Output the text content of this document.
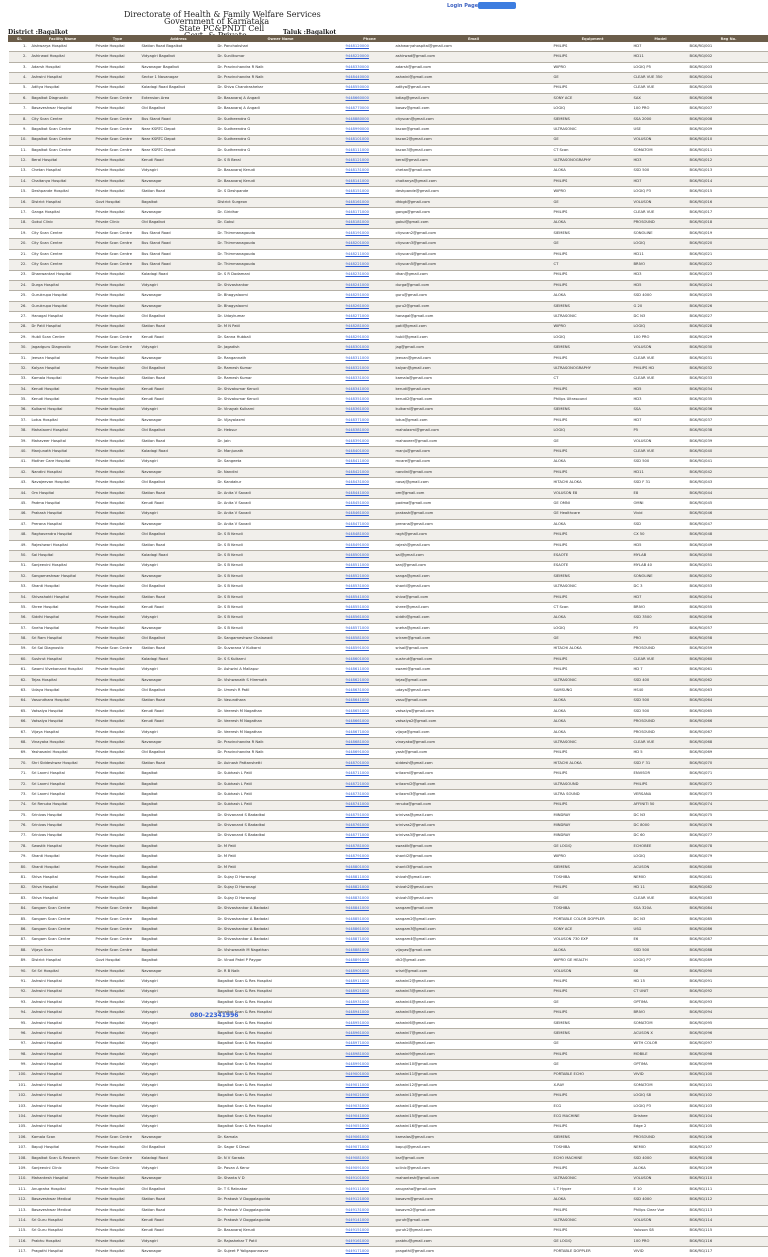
Login Page
Directorate of Health & Family Welfare Services
Government of Karnataka
State PC&PNDT Cell
District :Bagalkot	Taluk :Bagalkot
Sl.	Facility Name	Type	Address	Owner Name	Phone	Email	Equipment	Model	Reg No.
1.	Aishwarya Hospital	Private Hospital	Station Road Bagalkot	Dr. Panchakshari	9448120000	aishwaryahospital@gmail.com	PHILIPS	HD7	BGK/RG/001
2.	Ashirwad Hospital	Private Hospital	Vidyagiri Bagalkot	Dr. Sunilkumar	9448220000	ashirwad@gmail.com	PHILIPS	HD11	BGK/RG/002
3.	Adarsh Hospital	Private Hospital	Navanagar Bagalkot	Dr. Pravinchandra R Naik	9448330000	adarsh@gmail.com	WIPRO	LOGIQ P5	BGK/RG/003
4.	Ashwini Hospital	Private Hospital	Sector 1 Navanagar	Dr. Pravinchandra R Naik	9448440000	ashwini@gmail.com	GE	CLEAR VUE 350	BGK/RG/004
5.	Aditya Hospital	Private Hospital	Kaladagi Road Bagalkot	Dr. Shiva Chandrashekar	9448550000	aditya@gmail.com	PHILIPS	CLEAR VUE	BGK/RG/005
6.	Bagalkot Diagnostic	Private Scan Centre	Extension Area	Dr. Basavaraj A Angadi	9448660000	bdiag@gmail.com	SONY ACE	SAX	BGK/RG/006
7.	Basaveshwar Hospital	Private Hospital	Old Bagalkot	Dr. Basavaraj A Angadi	9448770000	basav@gmail.com	LOGIQ	100 PRO	BGK/RG/007
8.	City Scan Centre	Private Scan Centre	Bus Stand Road	Dr. Sudheendra G	9448880000	cityscan@gmail.com	SIEMENS	SSA 2000	BGK/RG/008
9.	Bagalkot Scan Centre	Private Scan Centre	Near KSRTC Depot	Dr. Sudheendra G	9448990000	bscan@gmail.com	ULTRASONIC	USE	BGK/RG/009
10.	Bagalkot Scan Centre	Private Scan Centre	Near KSRTC Depot	Dr. Sudheendra G	9448101000	bscan2@gmail.com	GE	VOLUSON	BGK/RG/010
11.	Bagalkot Scan Centre	Private Scan Centre	Near KSRTC Depot	Dr. Sudheendra G	9448111000	bscan3@gmail.com	CT Scan	SOMATOM	BGK/RG/011
12.	Beral Hospital	Private Hospital	Kerudi Road	Dr. S B Beral	9448121000	beral@gmail.com	ULTRASONOGRAPHY	HD3	BGK/RG/012
13.	Chetan Hospital	Private Hospital	Vidyagiri	Dr. Basavaraj Kerudi	9448131000	chetan@gmail.com	ALOKA	SSD 500	BGK/RG/013
14.	Chaitanya Hospital	Private Hospital	Navanagar	Dr. Basavaraj Kerudi	9448141000	chaitanya@gmail.com	PHILIPS	HD7	BGK/RG/014
15.	Deshpande Hospital	Private Hospital	Station Road	Dr. S Deshpande	9448151000	deshpande@gmail.com	WIPRO	LOGIQ P3	BGK/RG/015
16.	District Hospital	Govt Hospital	Bagalkot	District Surgeon	9448161000	dhbgk@gmail.com	GE	VOLUSON	BGK/RG/016
17.	Ganga Hospital	Private Hospital	Navanagar	Dr. Giridhar	9448171000	ganga@gmail.com	PHILIPS	CLEAR VUE	BGK/RG/017
18.	Gokul Clinic	Private Clinic	Old Bagalkot	Dr. Gokul	9448181000	gokul@gmail.com	ALOKA	PROSOUND	BGK/RG/018
19.	City Scan Centre	Private Scan Centre	Bus Stand Road	Dr. Thimmanagouda	9448191000	cityscan2@gmail.com	SIEMENS	SONOLINE	BGK/RG/019
20.	City Scan Centre	Private Scan Centre	Bus Stand Road	Dr. Thimmanagouda	9448201000	cityscan3@gmail.com	GE	LOGIQ	BGK/RG/020
21.	City Scan Centre	Private Scan Centre	Bus Stand Road	Dr. Thimmanagouda	9448211000	cityscan4@gmail.com	PHILIPS	HD11	BGK/RG/021
22.	City Scan Centre	Private Scan Centre	Bus Stand Road	Dr. Thimmanagouda	9448221000	cityscan5@gmail.com	CT	BRIVO	BGK/RG/022
23.	Dhanwantari Hospital	Private Hospital	Kaladagi Road	Dr. S R Dodamani	9448231000	dhan@gmail.com	PHILIPS	HD3	BGK/RG/023
24.	Durga Hospital	Private Hospital	Vidyagiri	Dr. Shivashankar	9448241000	durga@gmail.com	PHILIPS	HD5	BGK/RG/024
25.	Gurukrupa Hospital	Private Hospital	Navanagar	Dr. Bhagyalaxmi	9448251000	guru@gmail.com	ALOKA	SSD 4000	BGK/RG/025
26.	Gurukrupa Hospital	Private Hospital	Navanagar	Dr. Bhagyalaxmi	9448261000	guru2@gmail.com	SIEMENS	G 20	BGK/RG/026
27.	Hanagal Hospital	Private Hospital	Old Bagalkot	Dr. Udaykumar	9448271000	hanagal@gmail.com	ULTRASONIC	DC N3	BGK/RG/027
28.	Dr Patil Hospital	Private Hospital	Station Road	Dr. M N Patil	9448281000	patil@gmail.com	WIPRO	LOGIQ	BGK/RG/028
29.	Hubli Scan Centre	Private Scan Centre	Kerudi Road	Dr. Sanna Hubbali	9448291000	hubli@gmail.com	LOGIQ	100 PRO	BGK/RG/029
30.	Jagadguru Diagnostic	Private Scan Centre	Vidyagiri	Dr. Jagadish	9448301000	jag@gmail.com	SIEMENS	VOLUSON	BGK/RG/030
31.	Jeevan Hospital	Private Hospital	Navanagar	Dr. Rangannath	9448311000	jeevan@gmail.com	PHILIPS	CLEAR VUE	BGK/RG/031
32.	Kalyan Hospital	Private Hospital	Old Bagalkot	Dr. Ramesh Kumar	9448321000	kalyan@gmail.com	ULTRASONOGRAPHY	PHILIPS HD	BGK/RG/032
33.	Kamala Hospital	Private Hospital	Station Road	Dr. Ramesh Kumar	9448331000	kamala@gmail.com	CT	CLEAR VUE	BGK/RG/033
34.	Kerudi Hospital	Private Hospital	Kerudi Road	Dr. Shivakumar Kerudi	9448341000	kerudi@gmail.com	PHILIPS	HD5	BGK/RG/034
35.	Kerudi Hospital	Private Hospital	Kerudi Road	Dr. Shivakumar Kerudi	9448351000	kerudi2@gmail.com	Philips Ultrasound	HD3	BGK/RG/035
36.	Kulkarni Hospital	Private Hospital	Vidyagiri	Dr. Vinayak Kulkarni	9448361000	kulkarni@gmail.com	SIEMENS	SSA	BGK/RG/036
37.	Lotus Hospital	Private Hospital	Navanagar	Dr. Vijayalaxmi	9448371000	lotus@gmail.com	PHILIPS	HD7	BGK/RG/037
38.	Mahalaxmi Hospital	Private Hospital	Old Bagalkot	Dr. Hebsur	9448381000	mahalaxmi@gmail.com	LOGIQ	P5	BGK/RG/038
39.	Mahaveer Hospital	Private Hospital	Station Road	Dr. Jain	9448391000	mahaveer@gmail.com	GE	VOLUSON	BGK/RG/039
40.	Manjunath Hospital	Private Hospital	Kaladagi Road	Dr. Manjunath	9448401000	manju@gmail.com	PHILIPS	CLEAR VUE	BGK/RG/040
41.	Mother Care Hospital	Private Hospital	Vidyagiri	Dr. Sangeeta	9448411000	mcare@gmail.com	ALOKA	SSD 500	BGK/RG/041
42.	Nandini Hospital	Private Hospital	Navanagar	Dr. Nandini	9448421000	nandini@gmail.com	PHILIPS	HD11	BGK/RG/042
43.	Navajeevan Hospital	Private Hospital	Old Bagalkot	Dr. Kandakur	9448431000	navaj@gmail.com	HITACHI ALOKA	SSD F 31	BGK/RG/043
44.	Om Hospital	Private Hospital	Station Road	Dr. Anita V Savadi	9448441000	om@gmail.com	VOLUSON E8	E8	BGK/RG/044
45.	Padma Hospital	Private Hospital	Kerudi Road	Dr. Anita V Savadi	9448451000	padma@gmail.com	GE OMNI	OMNI	BGK/RG/045
46.	Prakash Hospital	Private Hospital	Vidyagiri	Dr. Anita V Savadi	9448461000	prakash@gmail.com	GE Healthcare	Vivid	BGK/RG/046
47.	Prerana Hospital	Private Hospital	Navanagar	Dr. Anita V Savadi	9448471000	prerana@gmail.com	ALOKA	SSD	BGK/RG/047
48.	Raghavendra Hospital	Private Hospital	Old Bagalkot	Dr. S B Kerudi	9448481000	ragh@gmail.com	PHILIPS	CX 50	BGK/RG/048
49.	Rajeshwari Hospital	Private Hospital	Station Road	Dr. S B Kerudi	9448491000	rajesh@gmail.com	PHILIPS	HD5	BGK/RG/049
50.	Sai Hospital	Private Hospital	Kaladagi Road	Dr. S B Kerudi	9448501000	sai@gmail.com	ESAOTE	MYLAB	BGK/RG/050
51.	Sanjeevini Hospital	Private Hospital	Vidyagiri	Dr. S B Kerudi	9448511000	sanj@gmail.com	ESAOTE	MYLAB 40	BGK/RG/051
52.	Sangameshwar Hospital	Private Hospital	Navanagar	Dr. S B Kerudi	9448521000	sanga@gmail.com	SIEMENS	SONOLINE	BGK/RG/052
53.	Shanti Hospital	Private Hospital	Old Bagalkot	Dr. S B Kerudi	9448531000	shanti@gmail.com	ULTRASONIC	DC 3	BGK/RG/053
54.	Shivashakti Hospital	Private Hospital	Station Road	Dr. S B Kerudi	9448541000	shiva@gmail.com	PHILIPS	HD7	BGK/RG/054
55.	Shree Hospital	Private Hospital	Kerudi Road	Dr. S B Kerudi	9448551000	shree@gmail.com	CT Scan	BRIVO	BGK/RG/055
56.	Siddhi Hospital	Private Hospital	Vidyagiri	Dr. S B Kerudi	9448561000	siddhi@gmail.com	ALOKA	SSD 3500	BGK/RG/056
57.	Sneha Hospital	Private Hospital	Navanagar	Dr. S B Kerudi	9448571000	sneha@gmail.com	LOGIQ	P3	BGK/RG/057
58.	Sri Ram Hospital	Private Hospital	Old Bagalkot	Dr. Sangameshwar Chalawadi	9448581000	sriram@gmail.com	GE	PRO	BGK/RG/058
59.	Sri Sai Diagnostic	Private Scan Centre	Station Road	Dr. Suvarana V Kulkarni	9448591000	srisai@gmail.com	HITACHI ALOKA	PROSOUND	BGK/RG/059
60.	Sushrut Hospital	Private Hospital	Kaladagi Road	Dr. S S Kulkarni	9448601000	sushrut@gmail.com	PHILIPS	CLEAR VUE	BGK/RG/060
61.	Swami Vivekanand Hospital	Private Hospital	Vidyagiri	Dr. Ashwini A Mallapur	9448611000	swami@gmail.com	PHILIPS	HD 7	BGK/RG/061
62.	Tejas Hospital	Private Hospital	Navanagar	Dr. Vishwanath S Hiremath	9448621000	tejas@gmail.com	ULTRASONIC	SSD 400	BGK/RG/062
63.	Udaya Hospital	Private Hospital	Old Bagalkot	Dr. Umesh R Patil	9448631000	udaya@gmail.com	SAMSUNG	HS40	BGK/RG/063
64.	Vasundhara Hospital	Private Hospital	Station Road	Dr. Vasundhara	9448641000	vasu@gmail.com	ALOKA	SSD 500	BGK/RG/064
65.	Vatsalya Hospital	Private Hospital	Kerudi Road	Dr. Veeresh M Nagathan	9448651000	vatsalya@gmail.com	ALOKA	SSD 500	BGK/RG/065
66.	Vatsalya Hospital	Private Hospital	Kerudi Road	Dr. Veeresh M Nagathan	9448661000	vatsalya2@gmail.com	ALOKA	PROSOUND	BGK/RG/066
67.	Vijaya Hospital	Private Hospital	Vidyagiri	Dr. Veeresh M Nagathan	9448671000	vijaya@gmail.com	ALOKA	PROSOUND	BGK/RG/067
68.	Vinayaka Hospital	Private Hospital	Navanagar	Dr. Pravinchandra R Naik	9448681000	vinayaka@gmail.com	ULTRASONIC	CLEAR VUE	BGK/RG/068
69.	Yashaswini Hospital	Private Hospital	Old Bagalkot	Dr. Pravinchandra R Naik	9448691000	yash@gmail.com	PHILIPS	HD 5	BGK/RG/069
70.	Shri Siddeshwar Hospital	Private Hospital	Station Road	Dr. Avinash Pattanshetti	9448701000	siddesh@gmail.com	HITACHI ALOKA	SSD F 31	BGK/RG/070
71.	Sri Laxmi Hospital	Private Hospital	Bagalkot	Dr. Subhash L Patil	9448711000	srilaxmi@gmail.com	PHILIPS	ENVISOR	BGK/RG/071
72.	Sri Laxmi Hospital	Private Hospital	Bagalkot	Dr. Subhash L Patil	9448721000	srilaxmi2@gmail.com	ULTRASOUND	PHILIPS	BGK/RG/072
73.	Sri Laxmi Hospital	Private Hospital	Bagalkot	Dr. Subhash L Patil	9448731000	srilaxmi3@gmail.com	ULTRA SOUND	VERSANA	BGK/RG/073
74.	Sri Renuka Hospital	Private Hospital	Bagalkot	Dr. Subhash L Patil	9448741000	renuka@gmail.com	PHILIPS	AFFINITI 50	BGK/RG/074
75.	Srinivas Hospital	Private Hospital	Bagalkot	Dr. Shivanand S Badadkal	9448751000	srinivas@gmail.com	MINDRAY	DC N3	BGK/RG/075
76.	Srinivas Hospital	Private Hospital	Bagalkot	Dr. Shivanand S Badadkal	9448761000	srinivas2@gmail.com	MINDRAY	DC 8000	BGK/RG/076
77.	Srinivas Hospital	Private Hospital	Bagalkot	Dr. Shivanand S Badadkal	9448771000	srinivas3@gmail.com	MINDRAY	DC 60	BGK/RG/077
78.	Swastik Hospital	Private Hospital	Bagalkot	Dr. M Patil	9448781000	swastik@gmail.com	GE LOGIQ	ECHOBEE	BGK/RG/078
79.	Shanti Hospital	Private Hospital	Bagalkot	Dr. M Patil	9448791000	shanti2@gmail.com	WIPRO	LOGIQ	BGK/RG/079
80.	Shanti Hospital	Private Hospital	Bagalkot	Dr. M Patil	9448801000	shanti3@gmail.com	SIEMENS	ACUSON	BGK/RG/080
81.	Shiva Hospital	Private Hospital	Bagalkot	Dr. Sujay D Horanagi	9448811000	shivah@gmail.com	TOSHIBA	NEMIO	BGK/RG/081
82.	Shiva Hospital	Private Hospital	Bagalkot	Dr. Sujay D Horanagi	9448821000	shivah2@gmail.com	PHILIPS	HD 11	BGK/RG/082
83.	Shiva Hospital	Private Hospital	Bagalkot	Dr. Sujay D Horanagi	9448831000	shivah3@gmail.com	GE	CLEAR VUE	BGK/RG/083
84.	Sangam Scan Centre	Private Scan Centre	Bagalkot	Dr. Shivashankar A Badadal	9448841000	sangam@gmail.com	TOSHIBA	SSA 320A	BGK/RG/084
85.	Sangam Scan Centre	Private Scan Centre	Bagalkot	Dr. Shivashankar A Badadal	9448851000	sangam2@gmail.com	PORTABLE COLOR DOPPLER	DC N3	BGK/RG/085
86.	Sangam Scan Centre	Private Scan Centre	Bagalkot	Dr. Shivashankar A Badadal	9448861000	sangam3@gmail.com	SONY ACE	USG	BGK/RG/086
87.	Sangam Scan Centre	Private Scan Centre	Bagalkot	Dr. Shivashankar A Badadal	9448871000	sangam4@gmail.com	VOLUSON 730 EXP	E6	BGK/RG/087
88.	Vijaya Scan	Private Scan Centre	Bagalkot	Dr. Vishwanath M Nagathan	9448881000	vijayas@gmail.com	ALOKA	SSD 500	BGK/RG/088
89.	District Hospital	Govt Hospital	Bagalkot	Dr. Vinod Patel P Paygar	9448891000	dh2@gmail.com	WIPRO GE HEALTH	LOGIQ P7	BGK/RG/089
90.	Sri Sri Hospital	Private Hospital	Navanagar	Dr. R B Naik	9448901000	srisri@gmail.com	VOLUSON	S6	BGK/RG/090
91.	Ashwini Hospital	Private Hospital	Vidyagiri	Bagalkot Scan & Res Hospital	9448911000	ashwini2@gmail.com	PHILIPS	HD 15	BGK/RG/091
92.	Ashwini Hospital	Private Hospital	Vidyagiri	Bagalkot Scan & Res Hospital	9448921000	ashwini3@gmail.com	PHILIPS	CT UNIT	BGK/RG/092
93.	Ashwini Hospital	Private Hospital	Vidyagiri	Bagalkot Scan & Res Hospital	9448931000	ashwini4@gmail.com	GE	OPTIMA	BGK/RG/093
94.	Ashwini Hospital	Private Hospital	Vidyagiri	Bagalkot Scan & Res Hospital	9448941000	ashwini5@gmail.com	PHILIPS	BRIVO	BGK/RG/094
95.	Ashwini Hospital	Private Hospital	Vidyagiri	Bagalkot Scan & Res Hospital	9448951000	ashwini6@gmail.com	SIEMENS	SOMATOM	BGK/RG/095
96.	Ashwini Hospital	Private Hospital	Vidyagiri	Bagalkot Scan & Res Hospital	9448961000	ashwini7@gmail.com	SIEMENS	ACUSON X	BGK/RG/096
97.	Ashwini Hospital	Private Hospital	Vidyagiri	Bagalkot Scan & Res Hospital	9448971000	ashwini8@gmail.com	GE	WITH COLOR	BGK/RG/097
98.	Ashwini Hospital	Private Hospital	Vidyagiri	Bagalkot Scan & Res Hospital	9448981000	ashwini9@gmail.com	PHILIPS	MOBILE	BGK/RG/098
99.	Ashwini Hospital	Private Hospital	Vidyagiri	Bagalkot Scan & Res Hospital	9448991000	ashwini10@gmail.com	GE	OPTIMA	BGK/RG/099
100.	Ashwini Hospital	Private Hospital	Vidyagiri	Bagalkot Scan & Res Hospital	9449001000	ashwini11@gmail.com	PORTABLE ECHO	VIVID	BGK/RG/100
101.	Ashwini Hospital	Private Hospital	Vidyagiri	Bagalkot Scan & Res Hospital	9449011000	ashwini12@gmail.com	X-RAY	SOMATOM	BGK/RG/101
102.	Ashwini Hospital	Private Hospital	Vidyagiri	Bagalkot Scan & Res Hospital	9449021000	ashwini13@gmail.com	PHILIPS	LOGIQ S8	BGK/RG/102
103.	Ashwini Hospital	Private Hospital	Vidyagiri	Bagalkot Scan & Res Hospital	9449031000	ashwini14@gmail.com	ECG	LOGIQ P3	BGK/RG/103
104.	Ashwini Hospital	Private Hospital	Vidyagiri	Bagalkot Scan & Res Hospital	9449041000	ashwini15@gmail.com	ECG MACHINE	Drishee	BGK/RG/104
105.	Ashwini Hospital	Private Hospital	Vidyagiri	Bagalkot Scan & Res Hospital	9449051000	ashwini16@gmail.com	PHILIPS	Edge 2	BGK/RG/105
106.	Kamala Scan	Private Scan Centre	Navanagar	Dr. Kamala	9449061000	kamalas@gmail.com	SIEMENS	PROSOUND	BGK/RG/106
107.	Bapuji Hospital	Private Hospital	Old Bagalkot	Dr. Sagar S Desai	9449071000	bapuji@gmail.com	TOSHIBA	NEMIO	BGK/RG/107
108.	Bagalkot Scan & Research	Private Scan Centre	Kaladagi Road	Dr. N V Sarada	9449081000	bsr@gmail.com	ECHO MACHINE	SSD 4000	BGK/RG/108
109.	Sanjeevini Clinic	Private Clinic	Vidyagiri	Dr. Pavan A Kerur	9449091000	sclinic@gmail.com	PHILIPS	ALOKA	BGK/RG/109
110.	Mahantesh Hospital	Private Hospital	Navanagar	Dr. Shanta V D	9449101000	mahantesh@gmail.com	ULTRASONIC	VOLUSON	BGK/RG/110
111.	Anugraha Hospital	Private Hospital	Old Bagalkot	Dr. T S Ratnakar	9449111000	anugraha@gmail.com	L T Hyper	E 10	BGK/RG/111
112.	Basaveshwar Medical	Private Hospital	Station Road	Dr. Prakash V Doggalagudda	9449121000	basavm@gmail.com	ALOKA	SSD 4000	BGK/RG/112
113.	Basaveshwar Medical	Private Hospital	Station Road	Dr. Prakash V Doggalagudda	9449131000	basavm2@gmail.com	PHILIPS	Philips Clear Vue	BGK/RG/113
114.	Sri Guru Hospital	Private Hospital	Kerudi Road	Dr. Prakash V Doggalagudda	9449141000	guruh@gmail.com	ULTRASONIC	VOLUSON	BGK/RG/114
115.	Sri Guru Hospital	Private Hospital	Kerudi Road	Dr. Basavaraj Kerudi	9449151000	guruh2@gmail.com	PHILIPS	Voluson S8	BGK/RG/115
116.	Prabhu Hospital	Private Hospital	Vidyagiri	Dr. Rajashekar T Patil	9449161000	prabhu@gmail.com	GE LOGIQ	100 PRO	BGK/RG/116
117.	Pragathi Hospital	Private Hospital	Navanagar	Dr. Sujeet P Yaligaponnavar	9449171000	pragathi@gmail.com	PORTABLE DOPPLER	VIVID	BGK/RG/117
080-22341996
